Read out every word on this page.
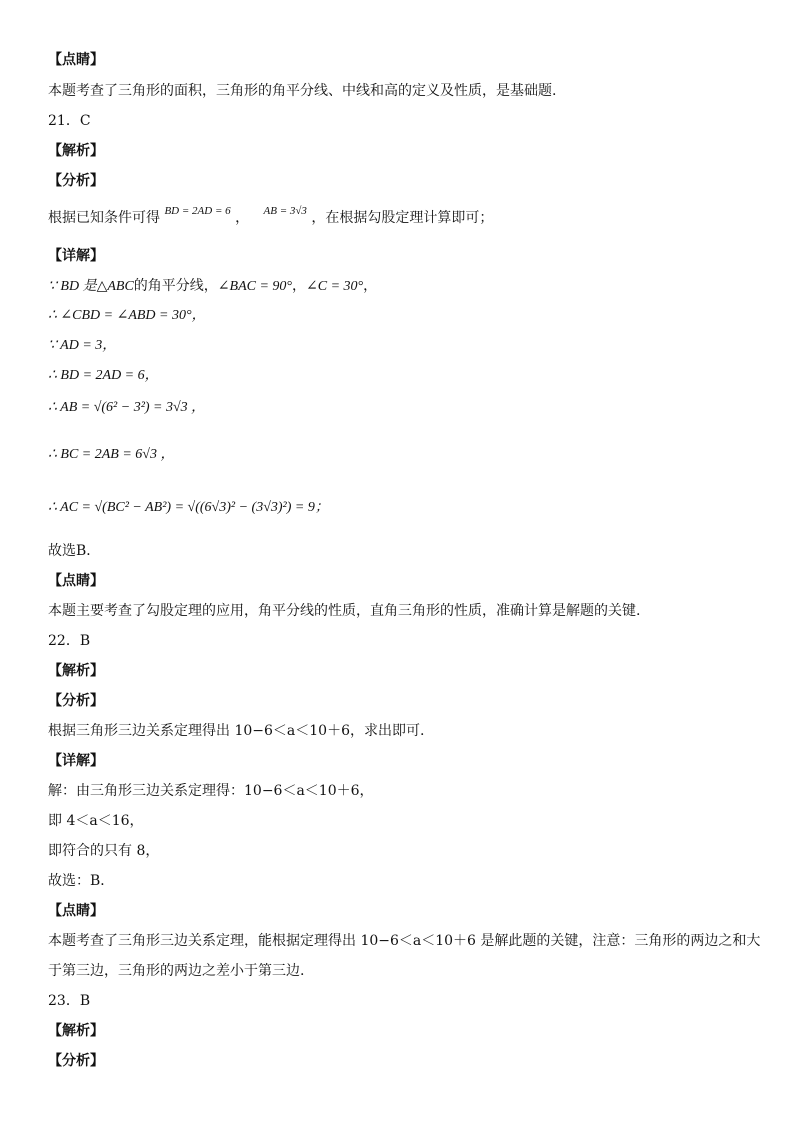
【点睛】
本题考查了三角形的面积，三角形的角平分线、中线和高的定义及性质，是基础题.
21．C
【解析】
【分析】
根据已知条件可得 $^{BD = 2AD = 6}$ ， $^{AB = 3√3}$ ，在根据勾股定理计算即可；
【详解】
∵ BD 是△ABC的角平分线，∠BAC = 90°，∠C = 30°，
∴ ∠CBD = ∠ABD = 30°，
∵ AD = 3，
∴ BD = 2AD = 6，
∴ AB = √(6² − 3²) = 3√3 ，
∴ BC = 2AB = 6√3 ，
∴ AC = √(BC² − AB²) = √((6√3)² − (3√3)²) = 9；
故选B．
【点睛】
本题主要考查了勾股定理的应用，角平分线的性质，直角三角形的性质，准确计算是解题的关键.
22．B
【解析】
【分析】
根据三角形三边关系定理得出 10−6＜a＜10＋6，求出即可.
【详解】
解：由三角形三边关系定理得：10−6＜a＜10＋6，
即 4＜a＜16，
即符合的只有 8，
故选：B．
【点睛】
本题考查了三角形三边关系定理，能根据定理得出 10−6＜a＜10＋6 是解此题的关键，注意：三角形的两边之和大
于第三边，三角形的两边之差小于第三边.
23．B
【解析】
【分析】
